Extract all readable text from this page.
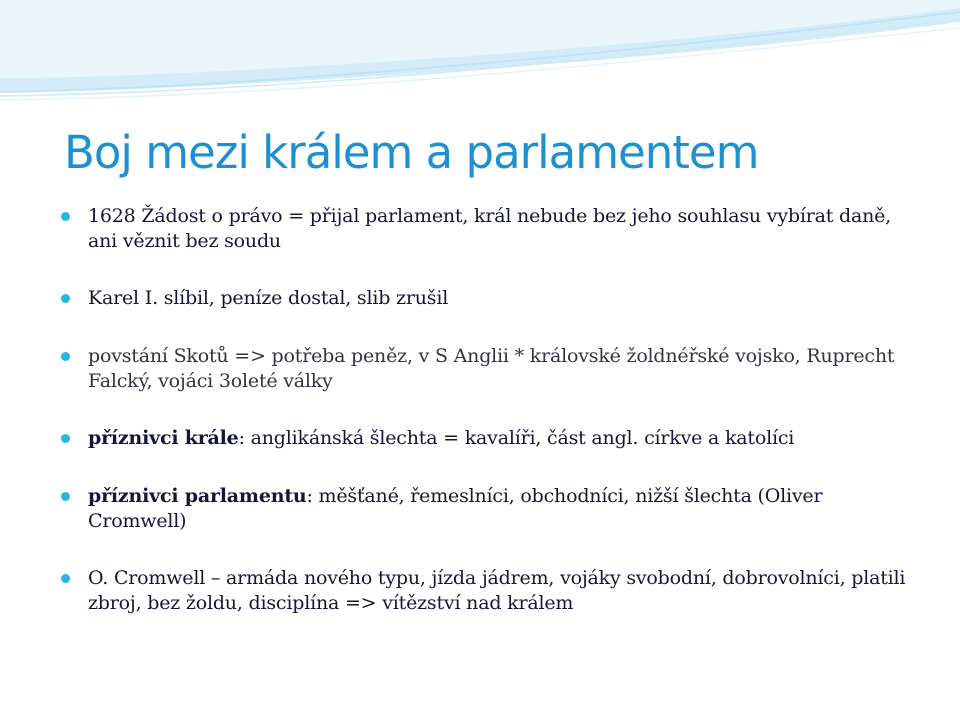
Boj mezi králem a parlamentem
1628 Žádost o právo = přijal parlament, král nebude bez jeho souhlasu vybírat daně, ani věznit bez soudu
Karel I. slíbil, peníze dostal, slib zrušil
povstání Skotů => potřeba peněz, v S Anglii * královské žoldnéřské vojsko, Ruprecht Falcký, vojáci 3oleté války
příznivci krále: anglikánská šlechta = kavalíři, část angl. církve a katolíci
příznivci parlamentu: měšťané, řemeslníci, obchodníci, nižší šlechta (Oliver Cromwell)
O. Cromwell – armáda nového typu, jízda jádrem, vojáky svobodní, dobrovolníci, platili zbroj, bez žoldu, disciplína => vítězství nad králem
